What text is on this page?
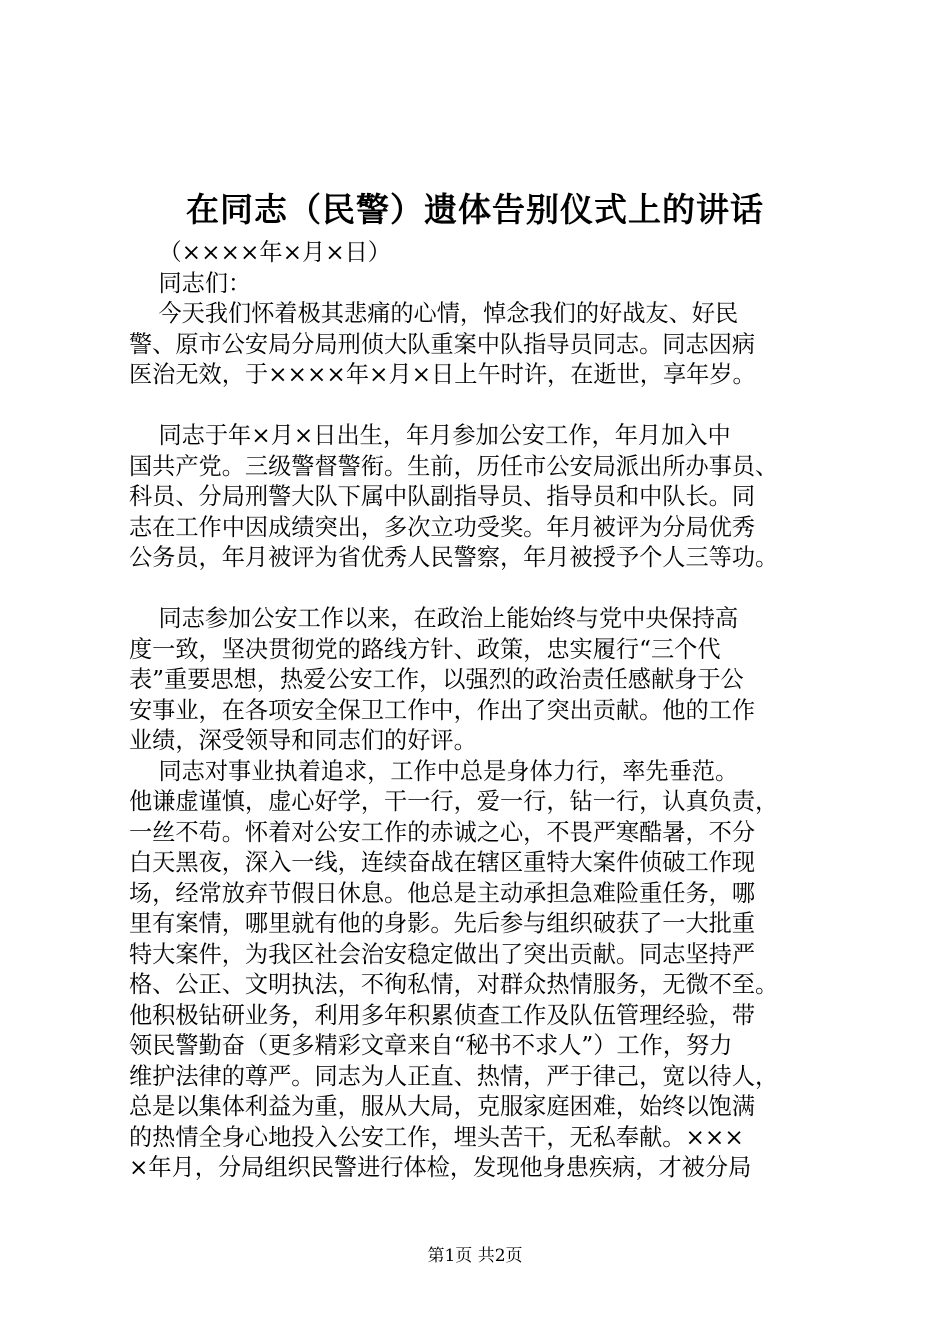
在同志（民警）遗体告别仪式上的讲话
（××××年×月×日）
同志们：
今天我们怀着极其悲痛的心情，悼念我们的好战友、好民
警、原市公安局分局刑侦大队重案中队指导员同志。同志因病
医治无效，于××××年×月×日上午时许，在逝世，享年岁。
同志于年×月×日出生，年月参加公安工作，年月加入中
国共产党。三级警督警衔。生前，历任市公安局派出所办事员、
科员、分局刑警大队下属中队副指导员、指导员和中队长。同
志在工作中因成绩突出，多次立功受奖。年月被评为分局优秀
公务员，年月被评为省优秀人民警察，年月被授予个人三等功。
同志参加公安工作以来，在政治上能始终与党中央保持高
度一致，坚决贯彻党的路线方针、政策，忠实履行“三个代
表”重要思想，热爱公安工作，以强烈的政治责任感献身于公
安事业，在各项安全保卫工作中，作出了突出贡献。他的工作
业绩，深受领导和同志们的好评。
同志对事业执着追求，工作中总是身体力行，率先垂范。
他谦虚谨慎，虚心好学，干一行，爱一行，钻一行，认真负责，
一丝不苟。怀着对公安工作的赤诚之心，不畏严寒酷暑，不分
白天黑夜，深入一线，连续奋战在辖区重特大案件侦破工作现
场，经常放弃节假日休息。他总是主动承担急难险重任务，哪
里有案情，哪里就有他的身影。先后参与组织破获了一大批重
特大案件，为我区社会治安稳定做出了突出贡献。同志坚持严
格、公正、文明执法，不徇私情，对群众热情服务，无微不至。
他积极钻研业务，利用多年积累侦查工作及队伍管理经验，带
领民警勤奋（更多精彩文章来自“秘书不求人”）工作，努力
维护法律的尊严。同志为人正直、热情，严于律己，宽以待人，
总是以集体利益为重，服从大局，克服家庭困难，始终以饱满
的热情全身心地投入公安工作，埋头苦干，无私奉献。×××
×年月，分局组织民警进行体检，发现他身患疾病，才被分局
第1页 共2页
